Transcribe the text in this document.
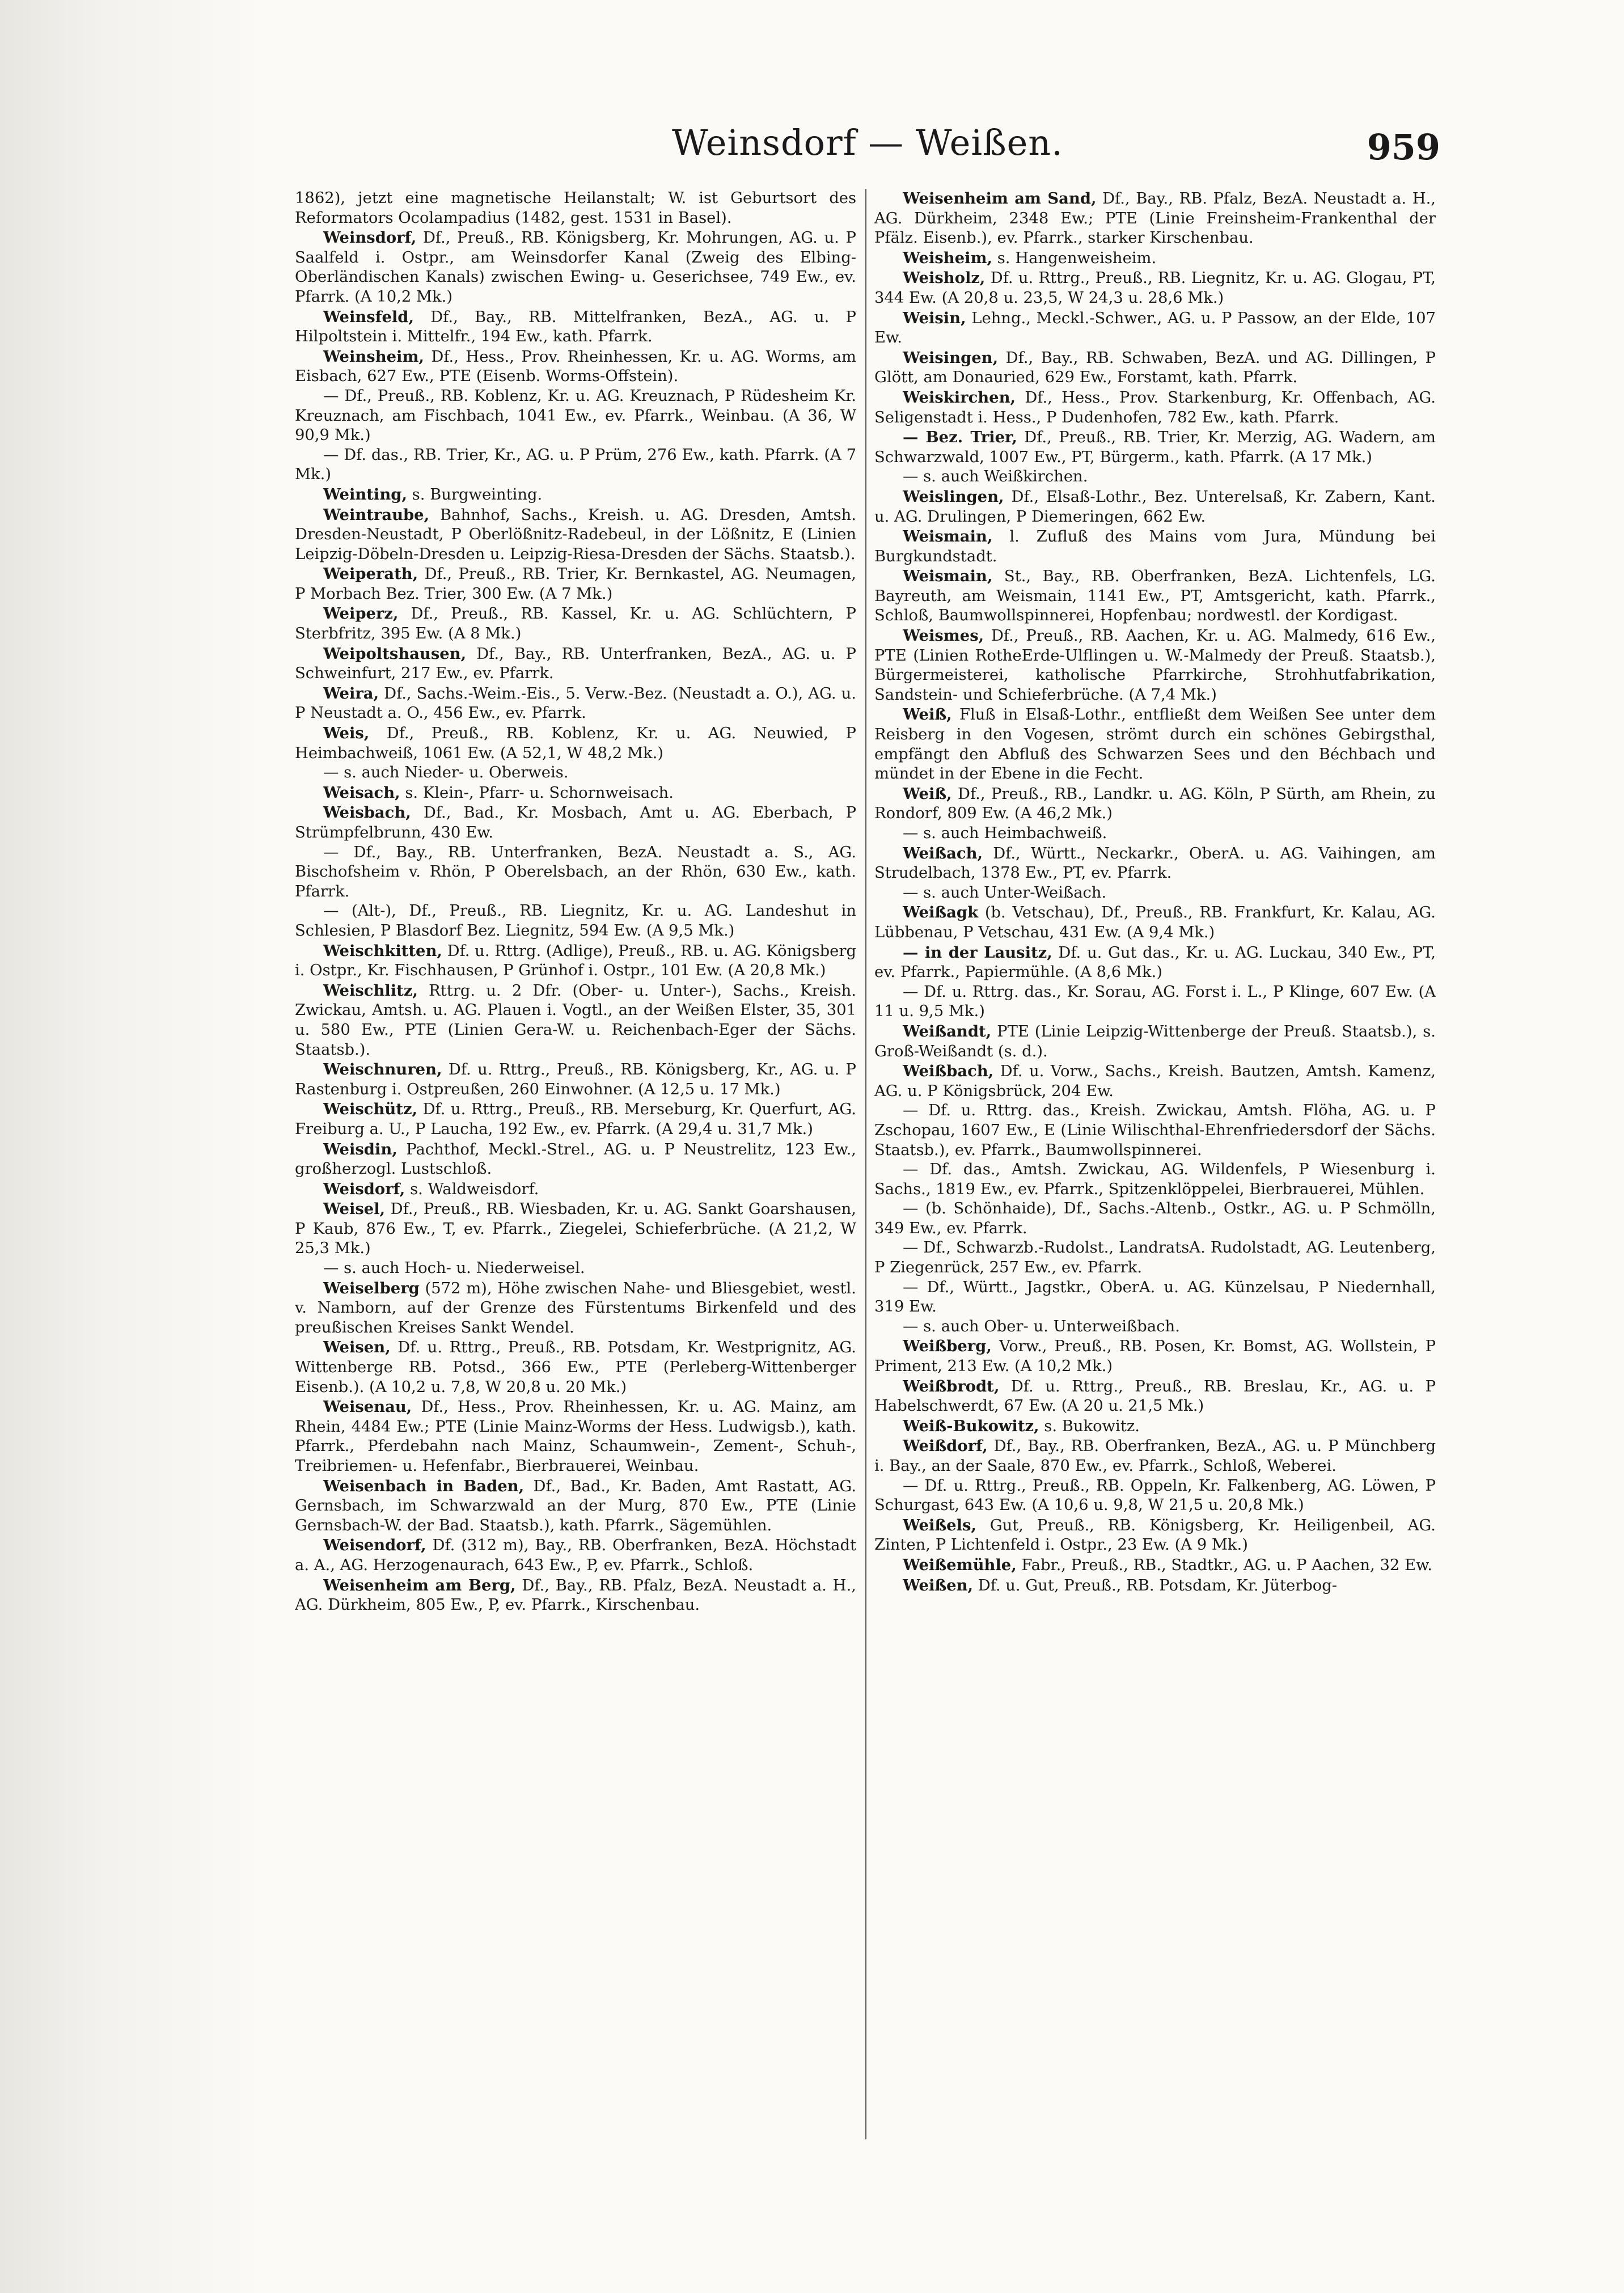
Weinsdorf — Weißen.	959

1862), jetzt eine magnetische Heilanstalt; W. ist Geburtsort des Reformators Ocolampadius (1482, gest. 1531 in Basel).

Weinsdorf, Df., Preuß., RB. Königsberg, Kr. Mohrungen, AG. u. P Saalfeld i. Ostpr., am Weinsdorfer Kanal (Zweig des Elbing-Oberländischen Kanals) zwischen Ewing- u. Geserichsee, 749 Ew., ev. Pfarrk. (A 10,2 Mk.)

Weinsfeld, Df., Bay., RB. Mittelfranken, BezA., AG. u. P Hilpoltstein i. Mittelfr., 194 Ew., kath. Pfarrk.

Weinsheim, Df., Hess., Prov. Rheinhessen, Kr. u. AG. Worms, am Eisbach, 627 Ew., PTE (Eisenb. Worms-Offstein).

— Df., Preuß., RB. Koblenz, Kr. u. AG. Kreuznach, P Rüdesheim Kr. Kreuznach, am Fischbach, 1041 Ew., ev. Pfarrk., Weinbau. (A 36, W 90,9 Mk.)

— Df. das., RB. Trier, Kr., AG. u. P Prüm, 276 Ew., kath. Pfarrk. (A 7 Mk.)

Weinting, s. Burgweinting.

Weintraube, Bahnhof, Sachs., Kreish. u. AG. Dresden, Amtsh. Dresden-Neustadt, P Oberlößnitz-Radebeul, in der Lößnitz, E (Linien Leipzig-Döbeln-Dresden u. Leipzig-Riesa-Dresden der Sächs. Staatsb.).

Weiperath, Df., Preuß., RB. Trier, Kr. Bernkastel, AG. Neumagen, P Morbach Bez. Trier, 300 Ew. (A 7 Mk.)

Weiperz, Df., Preuß., RB. Kassel, Kr. u. AG. Schlüchtern, P Sterbfritz, 395 Ew. (A 8 Mk.)

Weipoltshausen, Df., Bay., RB. Unterfranken, BezA., AG. u. P Schweinfurt, 217 Ew., ev. Pfarrk.

Weira, Df., Sachs.-Weim.-Eis., 5. Verw.-Bez. (Neustadt a. O.), AG. u. P Neustadt a. O., 456 Ew., ev. Pfarrk.

Weis, Df., Preuß., RB. Koblenz, Kr. u. AG. Neuwied, P Heimbachweiß, 1061 Ew. (A 52,1, W 48,2 Mk.)

— s. auch Nieder- u. Oberweis.

Weisach, s. Klein-, Pfarr- u. Schornweisach.

Weisbach, Df., Bad., Kr. Mosbach, Amt u. AG. Eberbach, P Strümpfelbrunn, 430 Ew.

— Df., Bay., RB. Unterfranken, BezA. Neustadt a. S., AG. Bischofsheim v. Rhön, P Oberelsbach, an der Rhön, 630 Ew., kath. Pfarrk.

— (Alt-), Df., Preuß., RB. Liegnitz, Kr. u. AG. Landeshut in Schlesien, P Blasdorf Bez. Liegnitz, 594 Ew. (A 9,5 Mk.)

Weischkitten, Df. u. Rttrg. (Adlige), Preuß., RB. u. AG. Königsberg i. Ostpr., Kr. Fischhausen, P Grünhof i. Ostpr., 101 Ew. (A 20,8 Mk.)

Weischlitz, Rttrg. u. 2 Dfr. (Ober- u. Unter-), Sachs., Kreish. Zwickau, Amtsh. u. AG. Plauen i. Vogtl., an der Weißen Elster, 35, 301 u. 580 Ew., PTE (Linien Gera-W. u. Reichenbach-Eger der Sächs. Staatsb.).

Weischnuren, Df. u. Rttrg., Preuß., RB. Königsberg, Kr., AG. u. P Rastenburg i. Ostpreußen, 260 Einwohner. (A 12,5 u. 17 Mk.)

Weischütz, Df. u. Rttrg., Preuß., RB. Merseburg, Kr. Querfurt, AG. Freiburg a. U., P Laucha, 192 Ew., ev. Pfarrk. (A 29,4 u. 31,7 Mk.)

Weisdin, Pachthof, Meckl.-Strel., AG. u. P Neustrelitz, 123 Ew., großherzogl. Lustschloß.

Weisdorf, s. Waldweisdorf.

Weisel, Df., Preuß., RB. Wiesbaden, Kr. u. AG. Sankt Goarshausen, P Kaub, 876 Ew., T, ev. Pfarrk., Ziegelei, Schieferbrüche. (A 21,2, W 25,3 Mk.)

— s. auch Hoch- u. Niederweisel.

Weiselberg (572 m), Höhe zwischen Nahe- und Bliesgebiet, westl. v. Namborn, auf der Grenze des Fürstentums Birkenfeld und des preußischen Kreises Sankt Wendel.

Weisen, Df. u. Rttrg., Preuß., RB. Potsdam, Kr. Westprignitz, AG. Wittenberge RB. Potsd., 366 Ew., PTE (Perleberg-Wittenberger Eisenb.). (A 10,2 u. 7,8, W 20,8 u. 20 Mk.)

Weisenau, Df., Hess., Prov. Rheinhessen, Kr. u. AG. Mainz, am Rhein, 4484 Ew.; PTE (Linie Mainz-Worms der Hess. Ludwigsb.), kath. Pfarrk., Pferdebahn nach Mainz, Schaumwein-, Zement-, Schuh-, Treibriemen- u. Hefenfabr., Bierbrauerei, Weinbau.

Weisenbach in Baden, Df., Bad., Kr. Baden, Amt Rastatt, AG. Gernsbach, im Schwarzwald an der Murg, 870 Ew., PTE (Linie Gernsbach-W. der Bad. Staatsb.), kath. Pfarrk., Sägemühlen.

Weisendorf, Df. (312 m), Bay., RB. Oberfranken, BezA. Höchstadt a. A., AG. Herzogenaurach, 643 Ew., P, ev. Pfarrk., Schloß.

Weisenheim am Berg, Df., Bay., RB. Pfalz, BezA. Neustadt a. H., AG. Dürkheim, 805 Ew., P, ev. Pfarrk., Kirschenbau.

Weisenheim am Sand, Df., Bay., RB. Pfalz, BezA. Neustadt a. H., AG. Dürkheim, 2348 Ew.; PTE (Linie Freinsheim-Frankenthal der Pfälz. Eisenb.), ev. Pfarrk., starker Kirschenbau.

Weisheim, s. Hangenweisheim.

Weisholz, Df. u. Rttrg., Preuß., RB. Liegnitz, Kr. u. AG. Glogau, PT, 344 Ew. (A 20,8 u. 23,5, W 24,3 u. 28,6 Mk.)

Weisin, Lehng., Meckl.-Schwer., AG. u. P Passow, an der Elde, 107 Ew.

Weisingen, Df., Bay., RB. Schwaben, BezA. und AG. Dillingen, P Glött, am Donauried, 629 Ew., Forstamt, kath. Pfarrk.

Weiskirchen, Df., Hess., Prov. Starkenburg, Kr. Offenbach, AG. Seligenstadt i. Hess., P Dudenhofen, 782 Ew., kath. Pfarrk.

— Bez. Trier, Df., Preuß., RB. Trier, Kr. Merzig, AG. Wadern, am Schwarzwald, 1007 Ew., PT, Bürgerm., kath. Pfarrk. (A 17 Mk.)

— s. auch Weißkirchen.

Weislingen, Df., Elsaß-Lothr., Bez. Unterelsaß, Kr. Zabern, Kant. u. AG. Drulingen, P Diemeringen, 662 Ew.

Weismain, l. Zufluß des Mains vom Jura, Mündung bei Burgkundstadt.

Weismain, St., Bay., RB. Oberfranken, BezA. Lichtenfels, LG. Bayreuth, am Weismain, 1141 Ew., PT, Amtsgericht, kath. Pfarrk., Schloß, Baumwollspinnerei, Hopfenbau; nordwestl. der Kordigast.

Weismes, Df., Preuß., RB. Aachen, Kr. u. AG. Malmedy, 616 Ew., PTE (Linien RotheErde-Ulflingen u. W.-Malmedy der Preuß. Staatsb.), Bürgermeisterei, katholische Pfarrkirche, Strohhutfabrikation, Sandstein- und Schieferbrüche. (A 7,4 Mk.)

Weiß, Fluß in Elsaß-Lothr., entfließt dem Weißen See unter dem Reisberg in den Vogesen, strömt durch ein schönes Gebirgsthal, empfängt den Abfluß des Schwarzen Sees und den Béchbach und mündet in der Ebene in die Fecht.

Weiß, Df., Preuß., RB., Landkr. u. AG. Köln, P Sürth, am Rhein, zu Rondorf, 809 Ew. (A 46,2 Mk.)

— s. auch Heimbachweiß.

Weißach, Df., Württ., Neckarkr., OberA. u. AG. Vaihingen, am Strudelbach, 1378 Ew., PT, ev. Pfarrk.

— s. auch Unter-Weißach.

Weißagk (b. Vetschau), Df., Preuß., RB. Frankfurt, Kr. Kalau, AG. Lübbenau, P Vetschau, 431 Ew. (A 9,4 Mk.)

— in der Lausitz, Df. u. Gut das., Kr. u. AG. Luckau, 340 Ew., PT, ev. Pfarrk., Papiermühle. (A 8,6 Mk.)

— Df. u. Rttrg. das., Kr. Sorau, AG. Forst i. L., P Klinge, 607 Ew. (A 11 u. 9,5 Mk.)

Weißandt, PTE (Linie Leipzig-Wittenberge der Preuß. Staatsb.), s. Groß-Weißandt (s. d.).

Weißbach, Df. u. Vorw., Sachs., Kreish. Bautzen, Amtsh. Kamenz, AG. u. P Königsbrück, 204 Ew.

— Df. u. Rttrg. das., Kreish. Zwickau, Amtsh. Flöha, AG. u. P Zschopau, 1607 Ew., E (Linie Wilischthal-Ehrenfriedersdorf der Sächs. Staatsb.), ev. Pfarrk., Baumwollspinnerei.

— Df. das., Amtsh. Zwickau, AG. Wildenfels, P Wiesenburg i. Sachs., 1819 Ew., ev. Pfarrk., Spitzenklöppelei, Bierbrauerei, Mühlen.

— (b. Schönhaide), Df., Sachs.-Altenb., Ostkr., AG. u. P Schmölln, 349 Ew., ev. Pfarrk.

— Df., Schwarzb.-Rudolst., LandratsA. Rudolstadt, AG. Leutenberg, P Ziegenrück, 257 Ew., ev. Pfarrk.

— Df., Württ., Jagstkr., OberA. u. AG. Künzelsau, P Niedernhall, 319 Ew.

— s. auch Ober- u. Unterweißbach.

Weißberg, Vorw., Preuß., RB. Posen, Kr. Bomst, AG. Wollstein, P Priment, 213 Ew. (A 10,2 Mk.)

Weißbrodt, Df. u. Rttrg., Preuß., RB. Breslau, Kr., AG. u. P Habelschwerdt, 67 Ew. (A 20 u. 21,5 Mk.)

Weiß-Bukowitz, s. Bukowitz.

Weißdorf, Df., Bay., RB. Oberfranken, BezA., AG. u. P Münchberg i. Bay., an der Saale, 870 Ew., ev. Pfarrk., Schloß, Weberei.

— Df. u. Rttrg., Preuß., RB. Oppeln, Kr. Falkenberg, AG. Löwen, P Schurgast, 643 Ew. (A 10,6 u. 9,8, W 21,5 u. 20,8 Mk.)

Weißels, Gut, Preuß., RB. Königsberg, Kr. Heiligenbeil, AG. Zinten, P Lichtenfeld i. Ostpr., 23 Ew. (A 9 Mk.)

Weißemühle, Fabr., Preuß., RB., Stadtkr., AG. u. P Aachen, 32 Ew.

Weißen, Df. u. Gut, Preuß., RB. Potsdam, Kr. Jüterbog-
